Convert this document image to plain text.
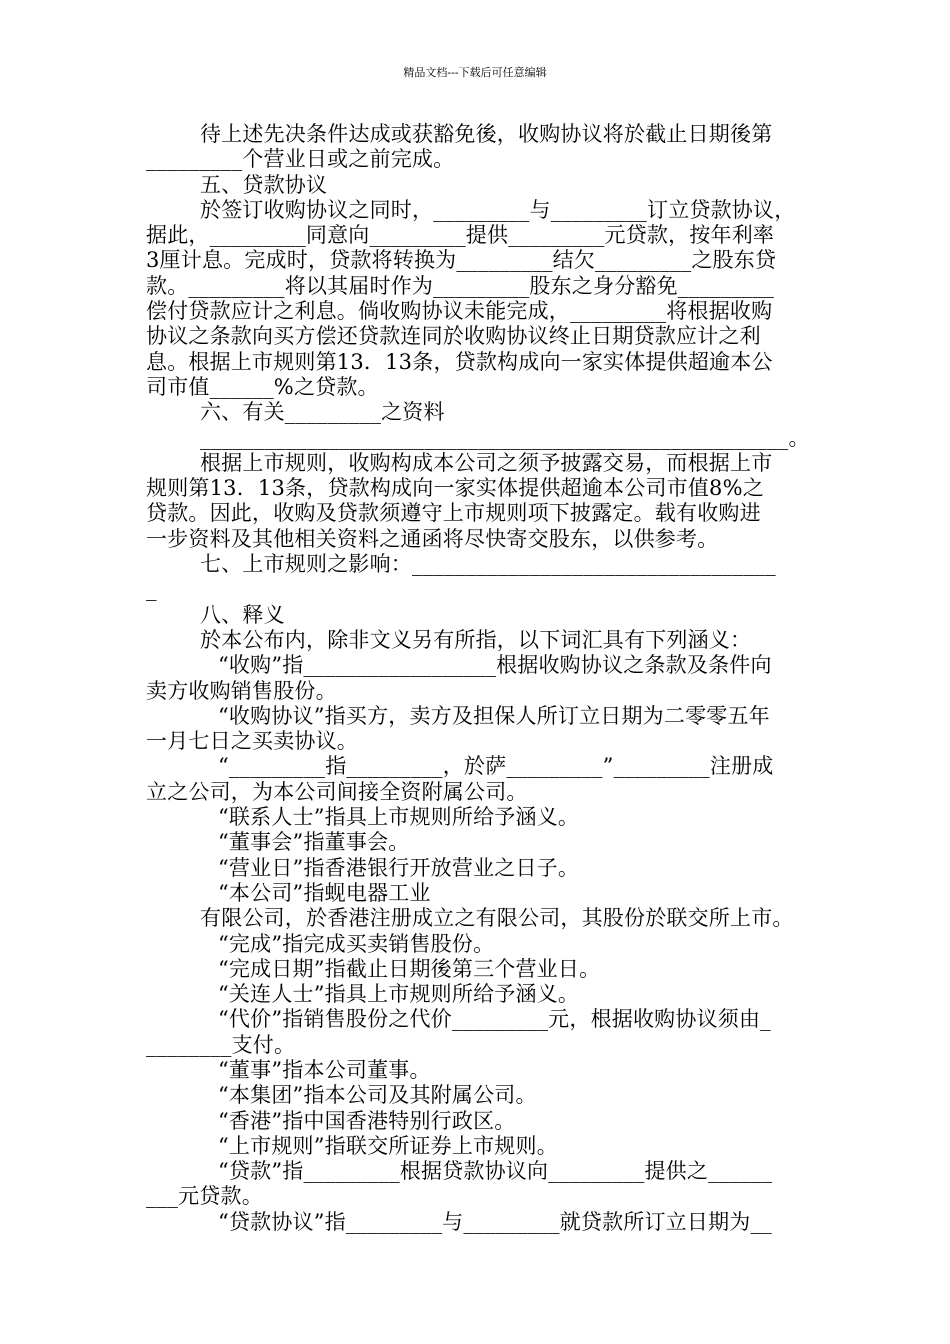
精品文档---下载后可任意编辑

待上述先决条件达成或获豁免後，收购协议将於截止日期後第

_________个营业日或之前完成。

五、贷款协议

於签订收购协议之同时，_________与_________订立贷款协议，

据此，_________同意向_________提供_________元贷款，按年利率

3厘计息。完成时，贷款将转换为_________结欠_________之股东贷

款。_________将以其届时作为_________股东之身分豁免_________

偿付贷款应计之利息。倘收购协议未能完成，_________将根据收购

协议之条款向买方偿还贷款连同於收购协议终止日期贷款应计之利

息。根据上市规则第13．13条，贷款构成向一家实体提供超逾本公

司市值______%之贷款。

六、有关_________之资料

_______________________________________________________。

根据上市规则，收购构成本公司之须予披露交易，而根据上市

规则第13．13条，贷款构成向一家实体提供超逾本公司市值8%之

贷款。因此，收购及贷款须遵守上市规则项下披露定。载有收购进

一步资料及其他相关资料之通函将尽快寄交股东，以供参考。

七、上市规则之影响：__________________________________

_

八、释义

於本公布内，除非文义另有所指，以下词汇具有下列涵义：

“收购”指__________________根据收购协议之条款及条件向

卖方收购销售股份。

“收购协议”指买方，卖方及担保人所订立日期为二零零五年

一月七日之买卖协议。

“_________指_________，於萨_________”_________注册成

立之公司，为本公司间接全资附属公司。

“联系人士”指具上市规则所给予涵义。

“董事会”指董事会。

“营业日”指香港银行开放营业之日子。

“本公司”指蚬电器工业

有限公司，於香港注册成立之有限公司，其股份於联交所上市。

“完成”指完成买卖销售股份。

“完成日期”指截止日期後第三个营业日。

“关连人士”指具上市规则所给予涵义。

“代价”指销售股份之代价_________元，根据收购协议须由_

________支付。

“董事”指本公司董事。

“本集团”指本公司及其附属公司。

“香港”指中国香港特别行政区。

“上市规则”指联交所证券上市规则。

“贷款”指_________根据贷款协议向_________提供之______

___元贷款。

“贷款协议”指_________与_________就贷款所订立日期为__
